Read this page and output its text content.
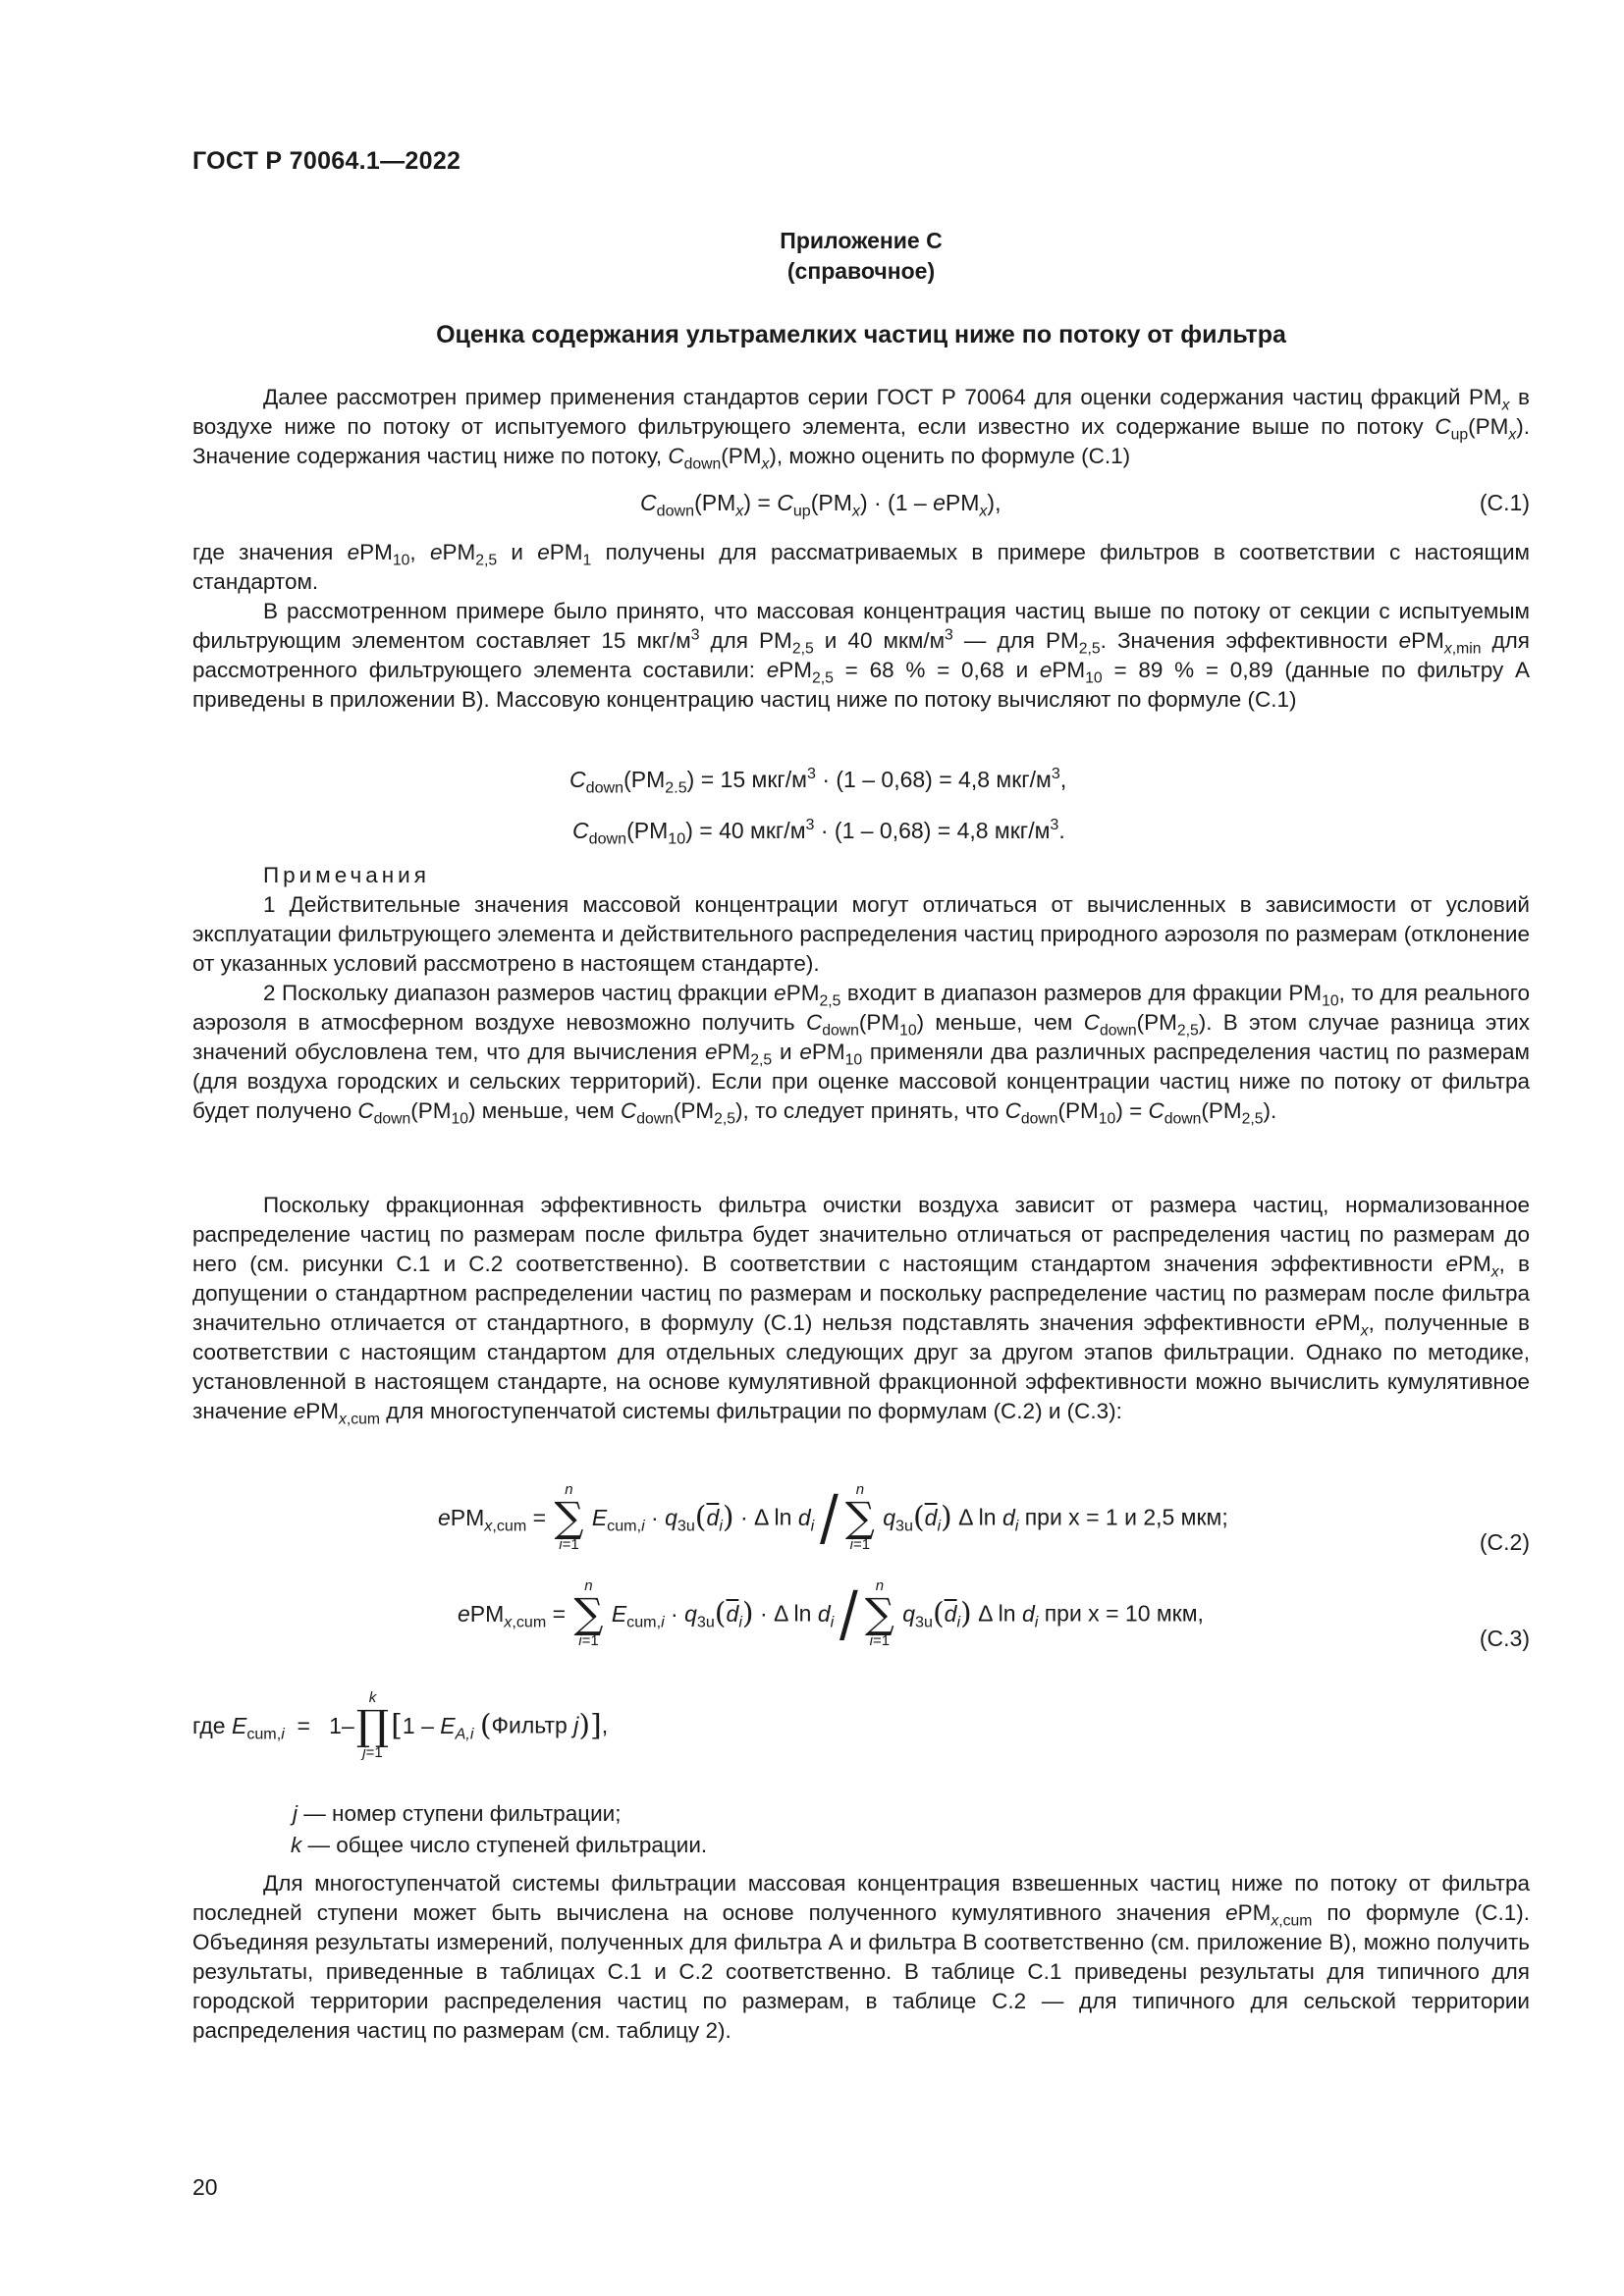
ГОСТ Р 70064.1—2022
Приложение С
(справочное)
Оценка содержания ультрамелких частиц ниже по потоку от фильтра

Далее рассмотрен пример применения стандартов серии ГОСТ Р 70064 для оценки содержания частиц фракций $PM_x$ в воздухе ниже по потоку от испытуемого фильтрующего элемента, если известно их содержание выше по потоку $C_{up}(PM_x)$. Значение содержания частиц ниже по потоку, $C_{down}(PM_x)$, можно оценить по формуле (С.1)

$C_{down}(PM_x) = C_{up}(PM_x) \cdot (1 - ePM_x)$,	(С.1)

где значения ePM$_{10}$, ePM$_{2,5}$ и ePM$_1$ получены для рассматриваемых в примере фильтров в соответствии с настоящим стандартом.

В рассмотренном примере было принято, что массовая концентрация частиц выше по потоку от секции с испытуемым фильтрующим элементом составляет 15 мкг/$м^3$ для $PM_{2,5}$ и 40 мкм/$м^3$ — для $PM_{2,5}$. Значения эффективности ePM$_{x,min}$ для рассмотренного фильтрующего элемента составили: ePM$_{2,5}$ = 68 % = 0,68 и ePM$_{10}$ = 89 % = 0,89 (данные по фильтру А приведены в приложении В). Массовую концентрацию частиц ниже по потоку вычисляют по формуле (С.1)

$C_{down}(PM_{2.5}) = 15$ мкг/$м^3 \cdot (1 - 0,68) = 4,8$ мкг/$м^3$,
$C_{down}(PM_{10}) = 40$ мкг/$м^3 \cdot (1 - 0,68) = 4,8$ мкг/$м^3$.

Примечания

1 Действительные значения массовой концентрации могут отличаться от вычисленных в зависимости от условий эксплуатации фильтрующего элемента и действительного распределения частиц природного аэрозоля по размерам (отклонение от указанных условий рассмотрено в настоящем стандарте).

2 Поскольку диапазон размеров частиц фракции ePM$_{2,5}$ входит в диапазон размеров для фракции $PM_{10}$, то для реального аэрозоля в атмосферном воздухе невозможно получить $C_{down}(PM_{10})$ меньше, чем $C_{down}(PM_{2,5})$. В этом случае разница этих значений обусловлена тем, что для вычисления ePM$_{2,5}$ и ePM$_{10}$ применяли два различных распределения частиц по размерам (для воздуха городских и сельских территорий). Если при оценке массовой концентрации частиц ниже по потоку от фильтра будет получено $C_{down}(PM_{10})$ меньше, чем $C_{down}(PM_{2,5})$, то следует принять, что $C_{down}(PM_{10}) = C_{down}(PM_{2,5})$.

Поскольку фракционная эффективность фильтра очистки воздуха зависит от размера частиц, нормализованное распределение частиц по размерам после фильтра будет значительно отличаться от распределения частиц по размерам до него (см. рисунки С.1 и С.2 соответственно). В соответствии с настоящим стандартом значения эффективности ePM$_x$, в допущении о стандартном распределении частиц по размерам и поскольку распределение частиц по размерам после фильтра значительно отличается от стандартного, в формулу (С.1) нельзя подставлять значения эффективности ePM$_x$, полученные в соответствии с настоящим стандартом для отдельных следующих друг за другом этапов фильтрации. Однако по методике, установленной в настоящем стандарте, на основе кумулятивной фракционной эффективности можно вычислить кумулятивное значение ePM$_{x,cum}$ для многоступенчатой системы фильтрации по формулам (С.2) и (С.3):

ePM$_{x,cum}$ =
n
∑
i=1
$E_{cum,i} \cdot q_{3u}(\overline{d}_i) \cdot \Delta$ $\ln d_i$ / n
∑
i=1
$q_{3u}(\overline{d}_i)$ Δ $\ln d_i$ при x = 1 и 2,5 мкм;
(С.2)
ePM$_{x,cum}$ =
n
∑
i=1
$E_{cum,i} \cdot q_{3u}(\overline{d}_i) \cdot \Delta$ $\ln d_i$ / n
∑
i=1
$q_{3u}(\overline{d}_i)$ Δ $\ln d_i$ при x = 10 мкм,
(С.3)
где $E_{cum,i} = 1-$
k
∏
j=1
[$1 - E_{A,i}$ (Фильтр j)],
j — номер ступени фильтрации;
k — общее число ступеней фильтрации.

Для многоступенчатой системы фильтрации массовая концентрация взвешенных частиц ниже по потоку от фильтра последней ступени может быть вычислена на основе полученного кумулятивного значения ePM$_{x,cum}$ по формуле (С.1). Объединяя результаты измерений, полученных для фильтра А и фильтра В соответственно (см. приложение В), можно получить результаты, приведенные в таблицах С.1 и С.2 соответственно. В таблице С.1 приведены результаты для типичного для городской территории распределения частиц по размерам, в таблице С.2 — для типичного для сельской территории распределения частиц по размерам (см. таблицу 2).

20
